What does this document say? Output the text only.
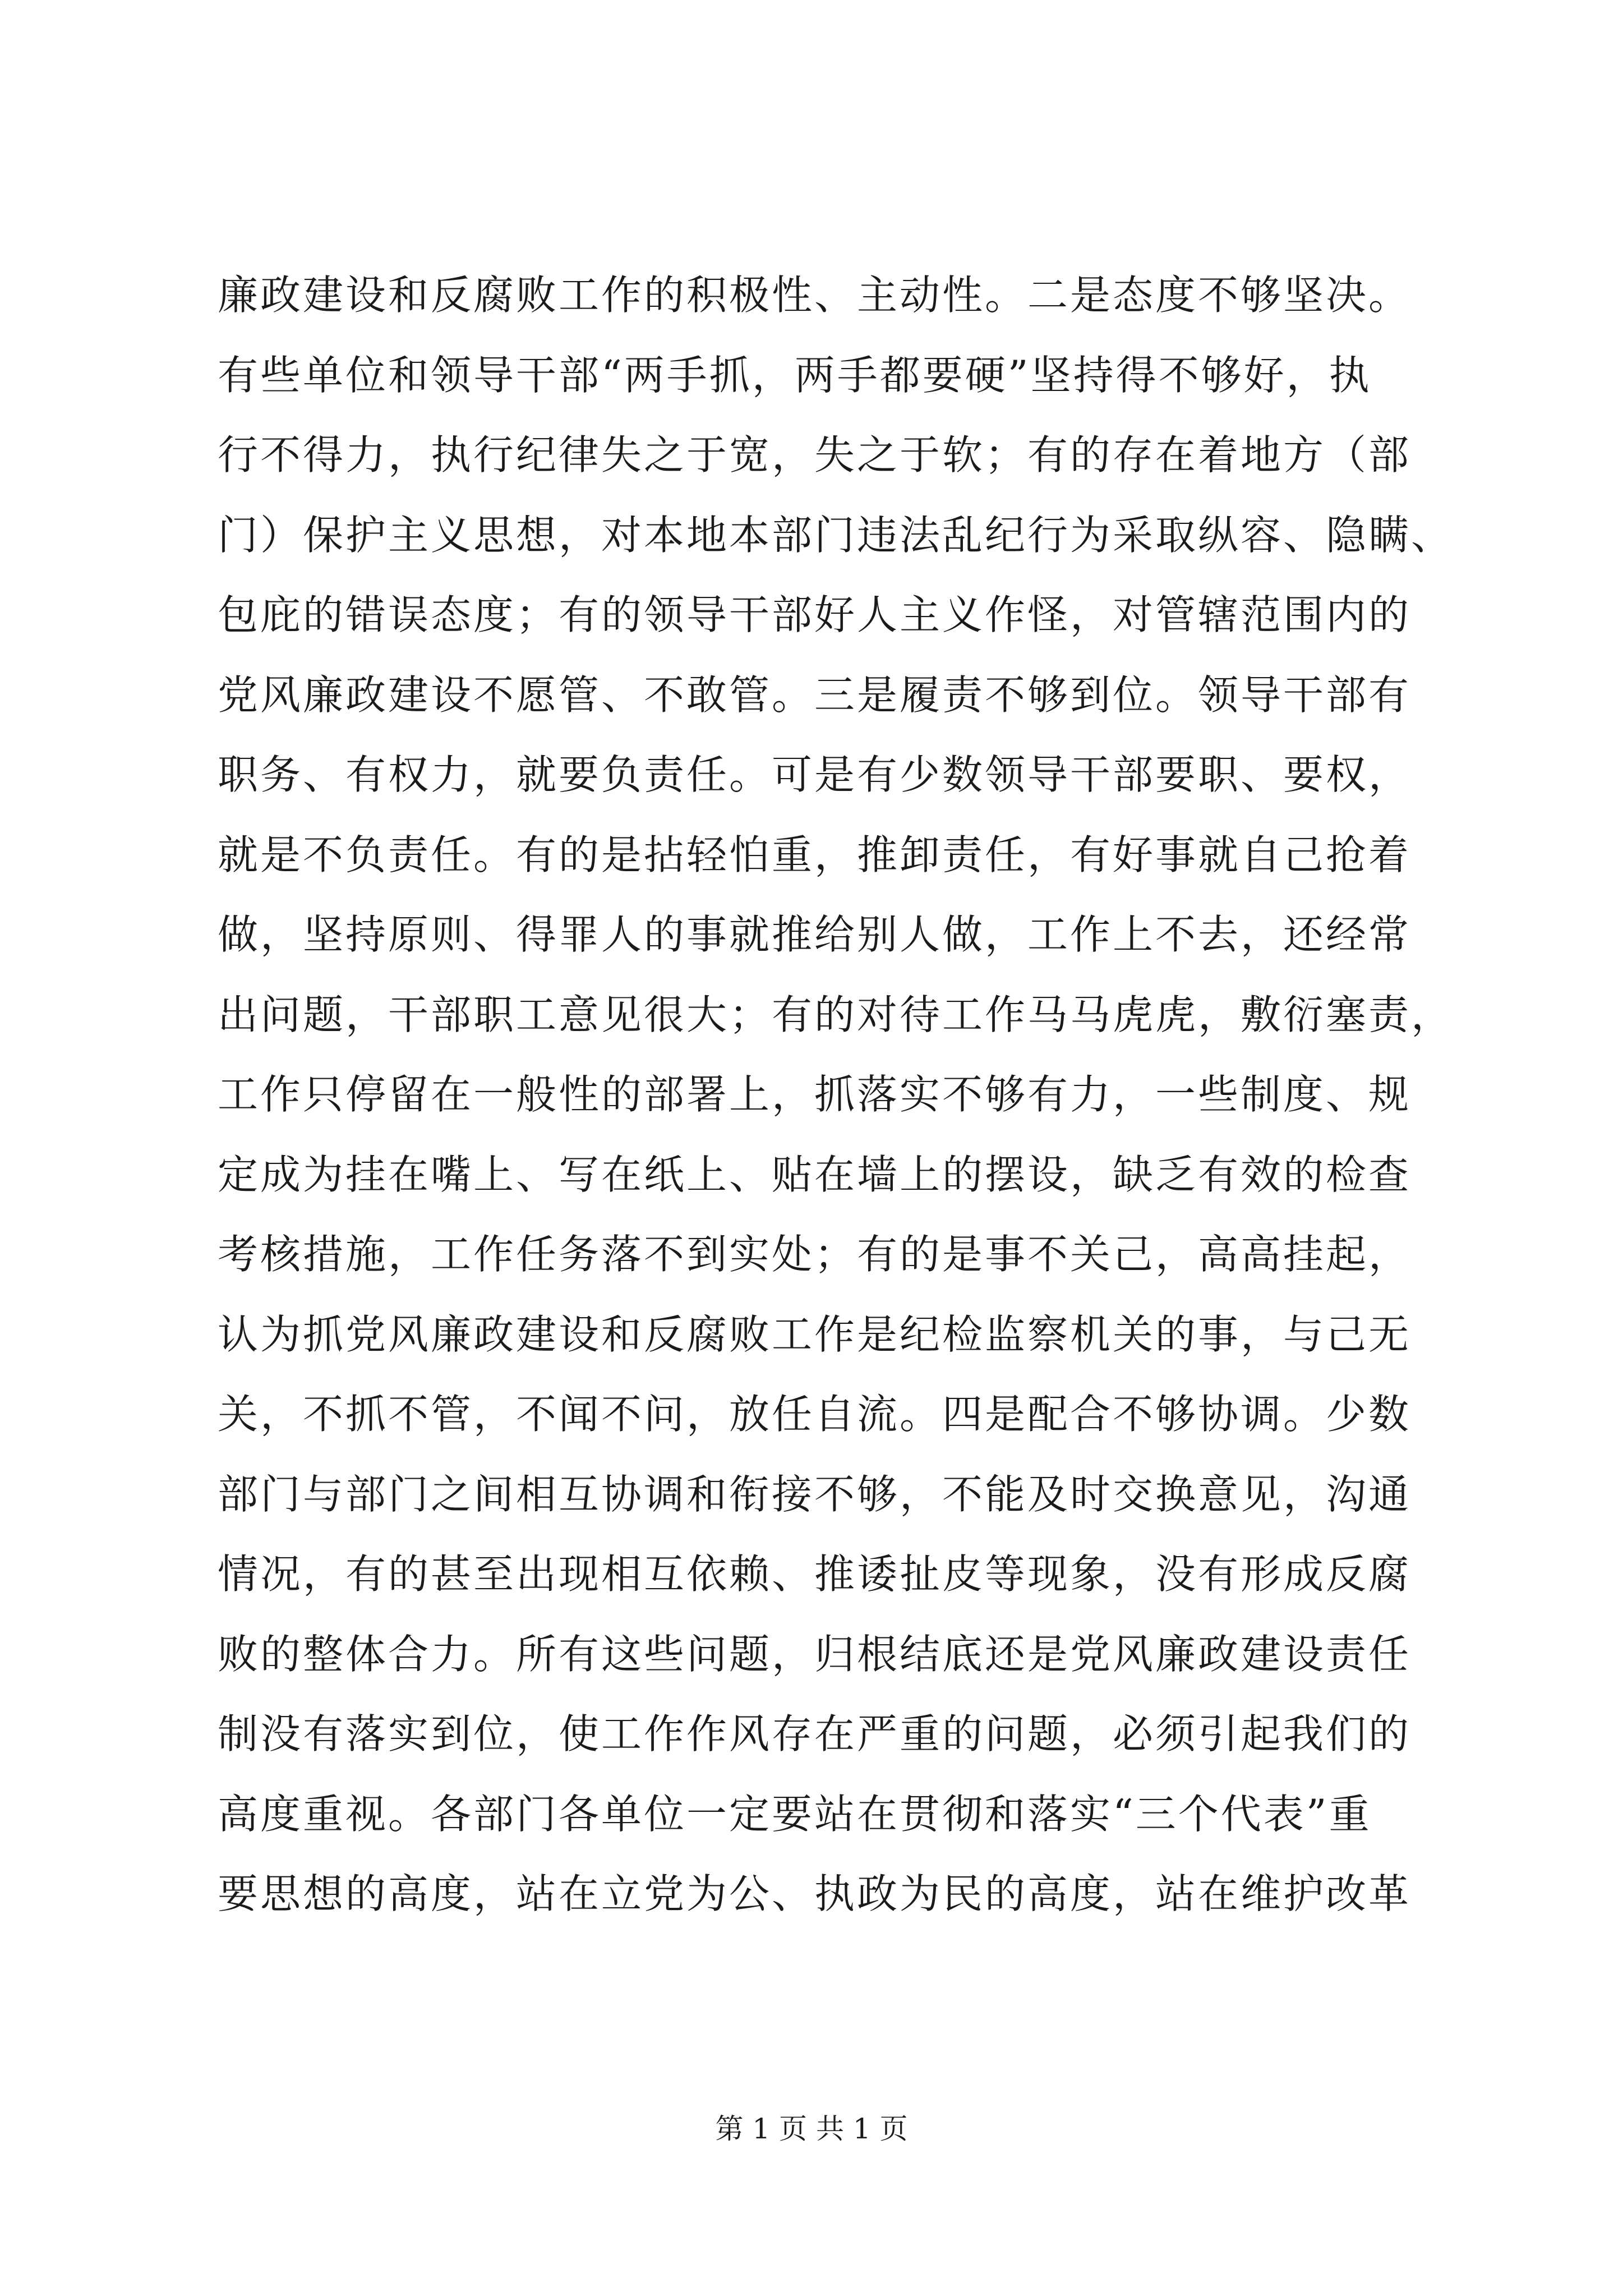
廉政建设和反腐败工作的积极性、主动性。二是态度不够坚决。
有些单位和领导干部“两手抓，两手都要硬”坚持得不够好，执
行不得力，执行纪律失之于宽，失之于软；有的存在着地方（部
门）保护主义思想，对本地本部门违法乱纪行为采取纵容、隐瞒、
包庇的错误态度；有的领导干部好人主义作怪，对管辖范围内的
党风廉政建设不愿管、不敢管。三是履责不够到位。领导干部有
职务、有权力，就要负责任。可是有少数领导干部要职、要权，
就是不负责任。有的是拈轻怕重，推卸责任，有好事就自己抢着
做，坚持原则、得罪人的事就推给别人做，工作上不去，还经常
出问题，干部职工意见很大；有的对待工作马马虎虎，敷衍塞责，
工作只停留在一般性的部署上，抓落实不够有力，一些制度、规
定成为挂在嘴上、写在纸上、贴在墙上的摆设，缺乏有效的检查
考核措施，工作任务落不到实处；有的是事不关己，高高挂起，
认为抓党风廉政建设和反腐败工作是纪检监察机关的事，与己无
关，不抓不管，不闻不问，放任自流。四是配合不够协调。少数
部门与部门之间相互协调和衔接不够，不能及时交换意见，沟通
情况，有的甚至出现相互依赖、推诿扯皮等现象，没有形成反腐
败的整体合力。所有这些问题，归根结底还是党风廉政建设责任
制没有落实到位，使工作作风存在严重的问题，必须引起我们的
高度重视。各部门各单位一定要站在贯彻和落实“三个代表”重
要思想的高度，站在立党为公、执政为民的高度，站在维护改革
第 1 页 共 1 页
